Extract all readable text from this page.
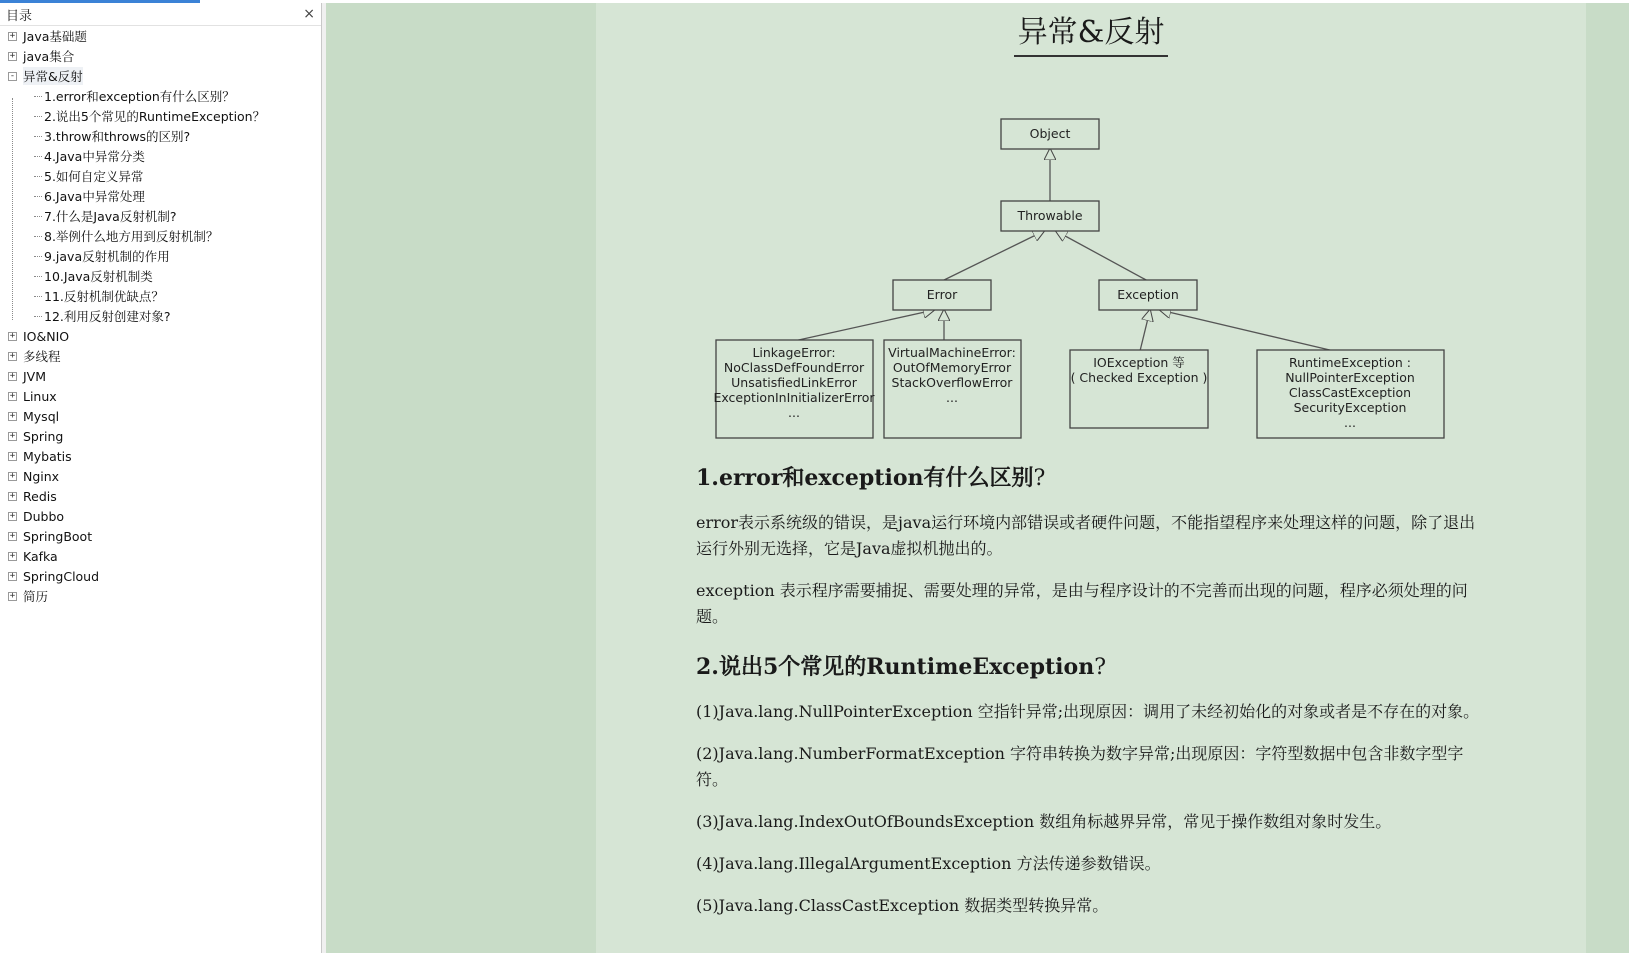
目录	×
+ Java基础题
+ java集合
- 异常&反射
1.error和exception有什么区别？
2.说出5个常见的RuntimeException？
3.throw和throws的区别?
4.Java中异常分类
5.如何自定义异常
6.Java中异常处理
7.什么是Java反射机制?
8.举例什么地方用到反射机制？
9.java反射机制的作用
10.Java反射机制类
11.反射机制优缺点？
12.利用反射创建对象?
+ IO&NIO
+ 多线程
+ JVM
+ Linux
+ Mysql
+ Spring
+ Mybatis
+ Nginx
+ Redis
+ Dubbo
+ SpringBoot
+ Kafka
+ SpringCloud
+ 简历
异常&反射
Object
Throwable
Error	Exception
LinkageError:
NoClassDefFoundError
UnsatisfiedLinkError
ExceptionInInitializerError
...
VirtualMachineError:
OutOfMemoryError
StackOverflowError
...
IOException 等
( Checked Exception )
RuntimeException :
NullPointerException
ClassCastException
SecurityException
...
1.error和exception有什么区别?

error表示系统级的错误，是java运行环境内部错误或者硬件问题，不能指望程序来处理这样的问题，除了退出运行外别无选择，它是Java虚拟机抛出的。

exception 表示程序需要捕捉、需要处理的异常，是由与程序设计的不完善而出现的问题，程序必须处理的问题。

2.说出5个常见的RuntimeException?

(1)Java.lang.NullPointerException 空指针异常;出现原因：调用了未经初始化的对象或者是不存在的对象。

(2)Java.lang.NumberFormatException 字符串转换为数字异常;出现原因：字符型数据中包含非数字型字符。

(3)Java.lang.IndexOutOfBoundsException 数组角标越界异常，常见于操作数组对象时发生。

(4)Java.lang.IllegalArgumentException 方法传递参数错误。

(5)Java.lang.ClassCastException 数据类型转换异常。
